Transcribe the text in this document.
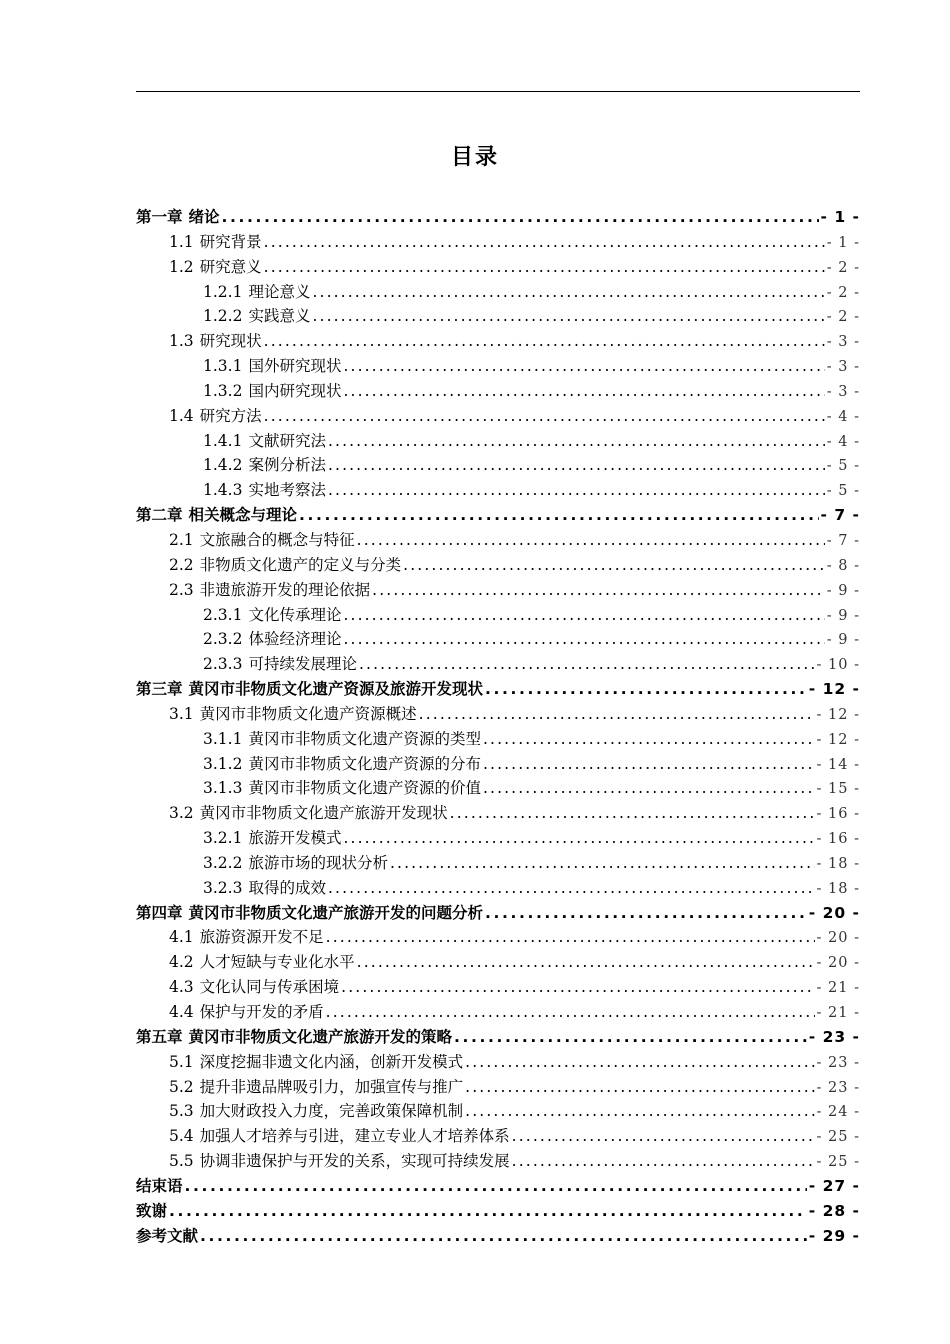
目录
第一章 绪论 . . .	- 1 -
1.1 研究背景 . . .	- 1 -
1.2 研究意义 . . .	- 2 -
1.2.1 理论意义 . . .	- 2 -
1.2.2 实践意义 . . .	- 2 -
1.3 研究现状 . . .	- 3 -
1.3.1 国外研究现状 . . .	- 3 -
1.3.2 国内研究现状 . . .	- 3 -
1.4 研究方法 . . .	- 4 -
1.4.1 文献研究法 . . .	- 4 -
1.4.2 案例分析法 . . .	- 5 -
1.4.3 实地考察法 . . .	- 5 -
第二章 相关概念与理论 . . .	- 7 -
2.1 文旅融合的概念与特征 . . .	- 7 -
2.2 非物质文化遗产的定义与分类 . . .	- 8 -
2.3 非遗旅游开发的理论依据 . . .	- 9 -
2.3.1 文化传承理论 . . .	- 9 -
2.3.2 体验经济理论 . . .	- 9 -
2.3.3 可持续发展理论 . . .	- 10 -
第三章 黄冈市非物质文化遗产资源及旅游开发现状 . . .	- 12 -
3.1 黄冈市非物质文化遗产资源概述 . . .	- 12 -
3.1.1 黄冈市非物质文化遗产资源的类型 . . .	- 12 -
3.1.2 黄冈市非物质文化遗产资源的分布 . . .	- 14 -
3.1.3 黄冈市非物质文化遗产资源的价值 . . .	- 15 -
3.2 黄冈市非物质文化遗产旅游开发现状 . . .	- 16 -
3.2.1 旅游开发模式 . . .	- 16 -
3.2.2 旅游市场的现状分析 . . .	- 18 -
3.2.3 取得的成效 . . .	- 18 -
第四章 黄冈市非物质文化遗产旅游开发的问题分析 . . .	- 20 -
4.1 旅游资源开发不足 . . .	- 20 -
4.2 人才短缺与专业化水平 . . .	- 20 -
4.3 文化认同与传承困境 . . .	- 21 -
4.4 保护与开发的矛盾 . . .	- 21 -
第五章 黄冈市非物质文化遗产旅游开发的策略 . . .	- 23 -
5.1 深度挖掘非遗文化内涵，创新开发模式 . . .	- 23 -
5.2 提升非遗品牌吸引力，加强宣传与推广 . . .	- 23 -
5.3 加大财政投入力度，完善政策保障机制 . . .	- 24 -
5.4 加强人才培养与引进，建立专业人才培养体系 . . .	- 25 -
5.5 协调非遗保护与开发的关系，实现可持续发展 . . .	- 25 -
结束语 . . .	- 27 -
致谢 . . .	- 28 -
参考文献 . . .	- 29 -
